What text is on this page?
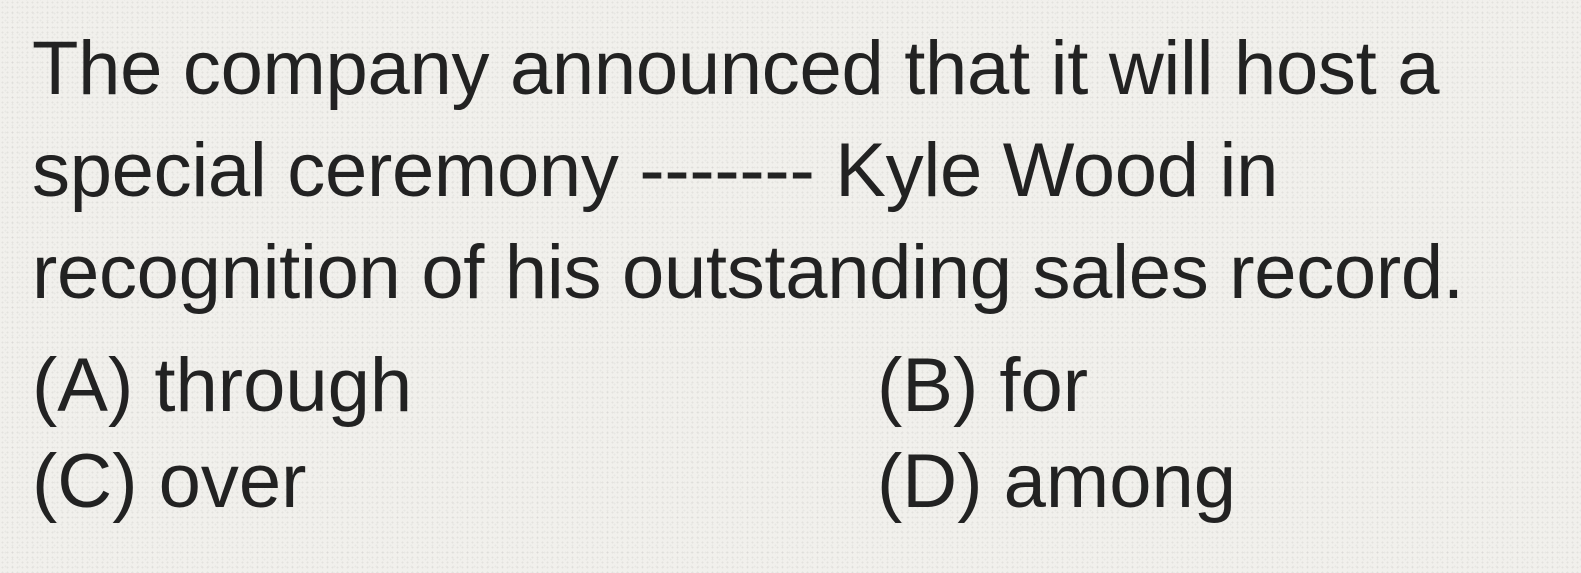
The company announced that it will host a
special ceremony ------- Kyle Wood in
recognition of his outstanding sales record.
(A) through	(B) for
(C) over	(D) among
